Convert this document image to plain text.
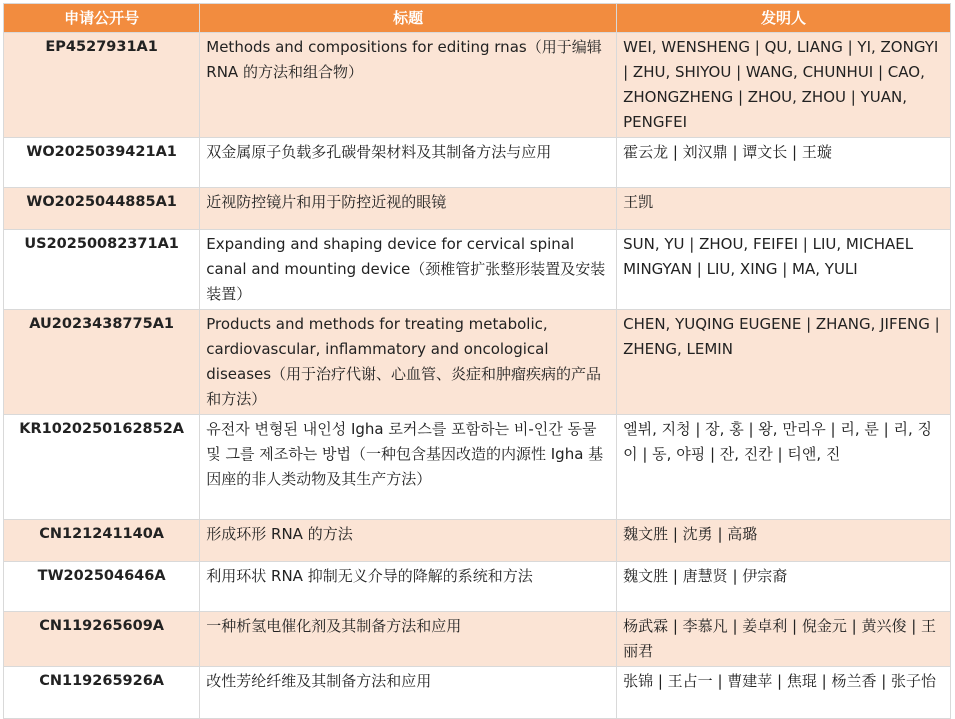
申请公开号	标题	发明人
EP4527931A1	Methods and compositions for editing rnas（用于编辑 RNA 的方法和组合物）	WEI, WENSHENG | QU, LIANG | YI, ZONGYI | ZHU, SHIYOU | WANG, CHUNHUI | CAO, ZHONGZHENG | ZHOU, ZHOU | YUAN, PENGFEI

WO2025039421A1	双金属原子负载多孔碳骨架材料及其制备方法与应用	霍云龙 | 刘汉鼎 | 谭文长 | 王璇

WO2025044885A1	近视防控镜片和用于防控近视的眼镜	王凯

US20250082371A1	Expanding and shaping device for cervical spinal canal and mounting device（颈椎管扩张整形装置及安装装置）	SUN, YU | ZHOU, FEIFEI | LIU, MICHAEL MINGYAN | LIU, XING | MA, YULI

AU2023438775A1	Products and methods for treating metabolic, cardiovascular, inflammatory and oncological diseases（用于治疗代谢、心血管、炎症和肿瘤疾病的产品和方法）	CHEN, YUQING EUGENE | ZHANG, JIFENG | ZHENG, LEMIN

KR1020250162852A	유전자 변형된 내인성 Igha 로커스를 포함하는 비-인간 동물 및 그를 제조하는 방법（一种包含基因改造的内源性 Igha 基因座的非人类动物及其生产方法）	엘뷔, 지청 | 장, 홍 | 왕, 만리우 | 리, 룬 | 리, 징이 | 동, 야핑 | 잔, 진칸 | 티앤, 진

CN121241140A	形成环形 RNA 的方法	魏文胜 | 沈勇 | 高璐

TW202504646A	利用环状 RNA 抑制无义介导的降解的系统和方法	魏文胜 | 唐慧贤 | 伊宗裔

CN119265609A	一种析氢电催化剂及其制备方法和应用	杨武霖 | 李慕凡 | 姜卓利 | 倪金元 | 黄兴俊 | 王丽君

CN119265926A	改性芳纶纤维及其制备方法和应用	张锦 | 王占一 | 曹建苹 | 焦琨 | 杨兰香 | 张子怡
